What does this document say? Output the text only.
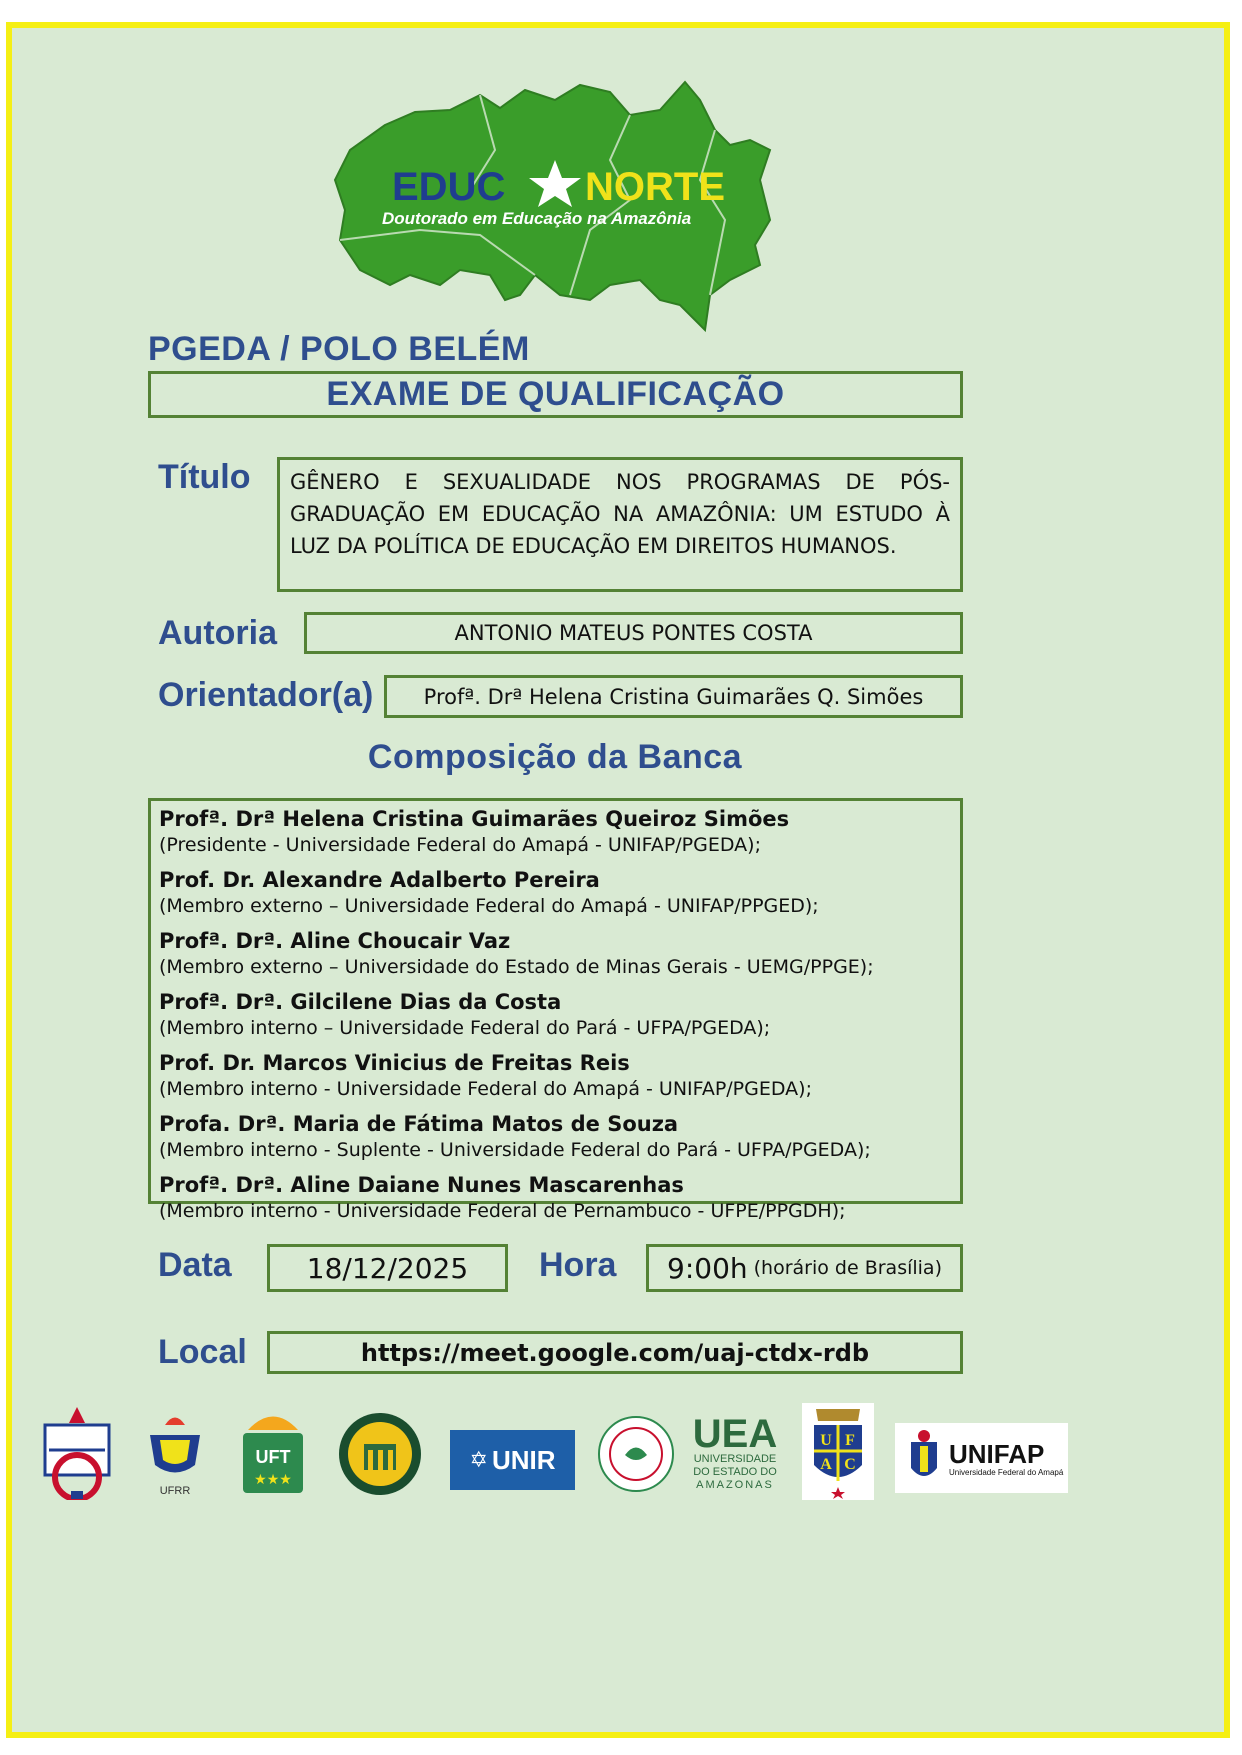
EDUC NORTE
Doutorado em Educação na Amazônia
PGEDA / POLO BELÉM
EXAME DE QUALIFICAÇÃO
Título GÊNERO E SEXUALIDADE NOS PROGRAMAS DE PÓS-GRADUAÇÃO EM EDUCAÇÃO NA AMAZÔNIA: UM ESTUDO À LUZ DA POLÍTICA DE EDUCAÇÃO EM DIREITOS HUMANOS.
Autoria	ANTONIO MATEUS PONTES COSTA
Orientador(a) Profª. Drª Helena Cristina Guimarães Q. Simões
Composição da Banca
Profª. Drª Helena Cristina Guimarães Queiroz Simões
(Presidente - Universidade Federal do Amapá - UNIFAP/PGEDA);
Prof. Dr. Alexandre Adalberto Pereira
(Membro externo – Universidade Federal do Amapá - UNIFAP/PPGED);
Profª. Drª. Aline Choucair Vaz
(Membro externo – Universidade do Estado de Minas Gerais - UEMG/PPGE);
Profª. Drª. Gilcilene Dias da Costa
(Membro interno – Universidade Federal do Pará - UFPA/PGEDA);
Prof. Dr. Marcos Vinicius de Freitas Reis
(Membro interno - Universidade Federal do Amapá - UNIFAP/PGEDA);
Profa. Drª. Maria de Fátima Matos de Souza
(Membro interno - Suplente - Universidade Federal do Pará - UFPA/PGEDA);
Profª. Drª. Aline Daiane Nunes Mascarenhas
(Membro interno - Universidade Federal de Pernambuco - UFPE/PPGDH);
Data	18/12/2025 Hora 9:00h (horário de Brasília)
Local	https://meet.google.com/uaj-ctdx-rdb
UFRR
UFT
★★★
✡ UNIR
UEA
UNIVERSIDADE
DO ESTADO DO
AMAZONAS
U F
A C	UNIFAP
Universidade Federal do Amapá
